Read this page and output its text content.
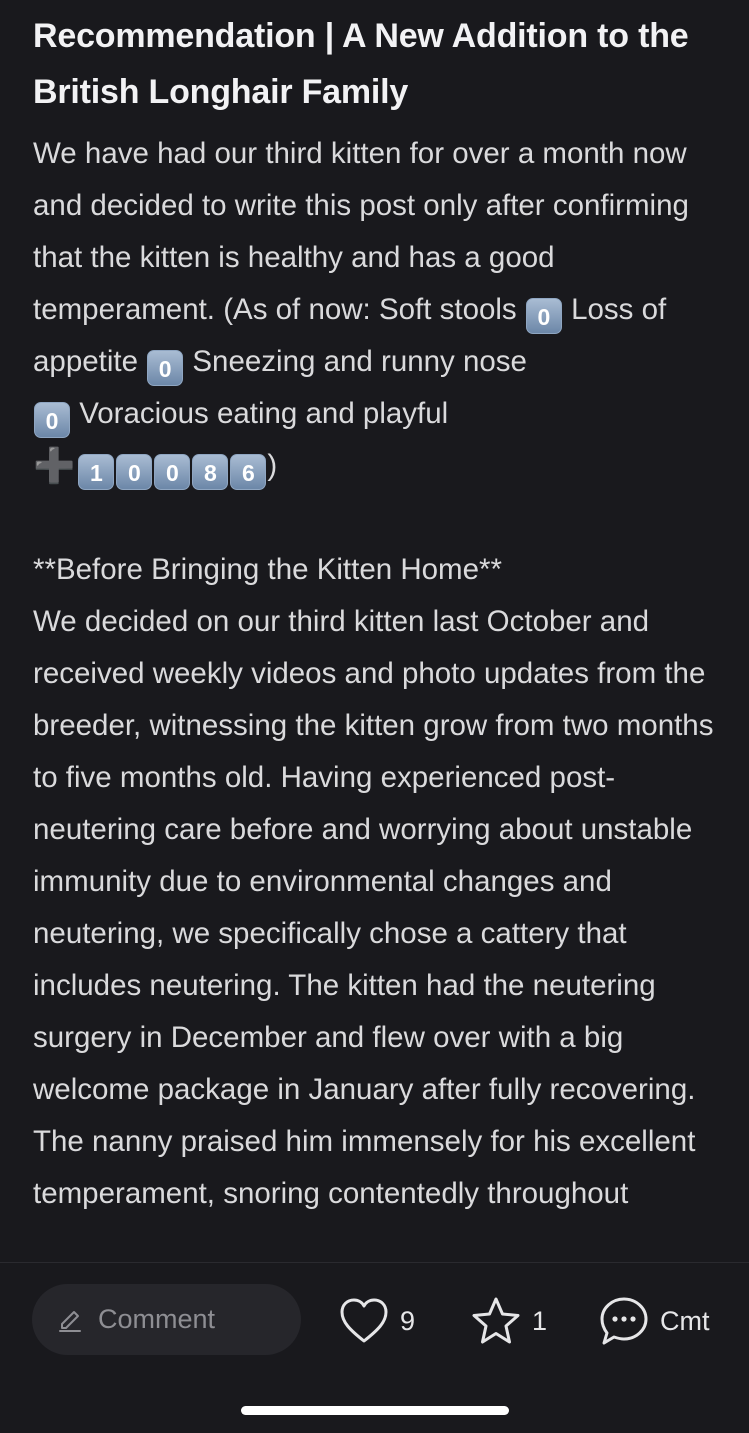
Recommendation | A New Addition to the British Longhair Family

We have had our third kitten for over a month now and decided to write this post only after confirming that the kitten is healthy and has a good temperament. (As of now: Soft stools 0 Loss of appetite 0 Sneezing and runny nose
0 Voracious eating and playful
➕ 1 0 0 8 6 )

**Before Bringing the Kitten Home**

We decided on our third kitten last October and received weekly videos and photo updates from the breeder, witnessing the kitten grow from two months to five months old. Having experienced post-neutering care before and worrying about unstable immunity due to environmental changes and neutering, we specifically chose a cattery that includes neutering. The kitten had the neutering surgery in December and flew over with a big welcome package in January after fully recovering. The nanny praised him immensely for his excellent temperament, snoring contentedly throughout

Comment	9	1	Cmt
